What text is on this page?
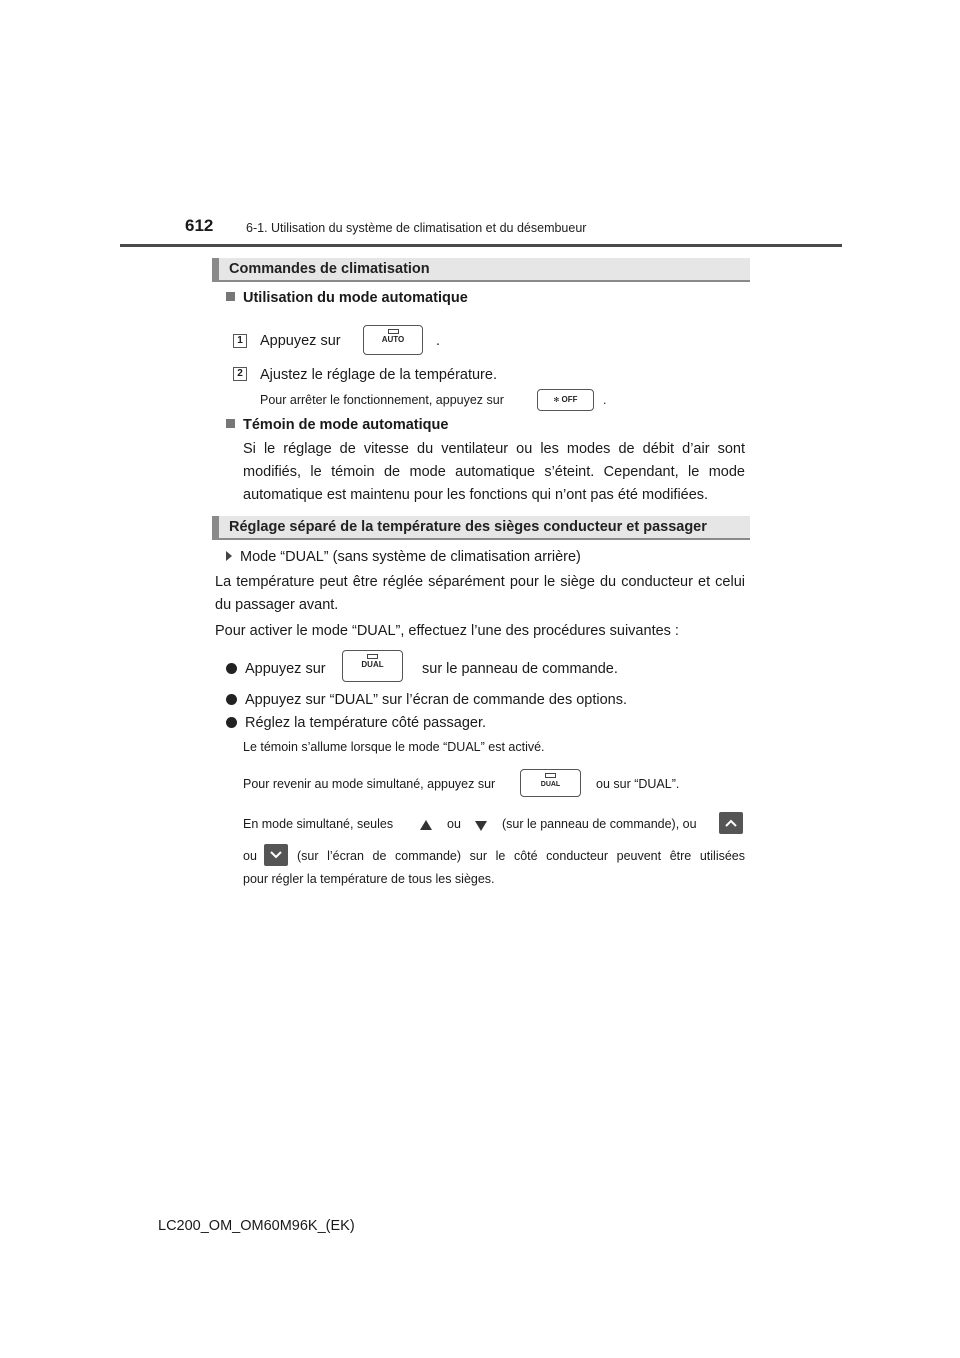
612	6-1. Utilisation du système de climatisation et du désembueur
Commandes de climatisation
Utilisation du mode automatique
1 Appuyez sur	AUTO	.
2 Ajustez le réglage de la température.
Pour arrêter le fonctionnement, appuyez sur	✻ OFF	.
Témoin de mode automatique
Si le réglage de vitesse du ventilateur ou les modes de débit d’air sont modifiés, le témoin de mode automatique s’éteint. Cependant, le mode automatique est maintenu pour les fonctions qui n’ont pas été modifiées.
Réglage séparé de la température des sièges conducteur et passager
Mode “DUAL” (sans système de climatisation arrière)
La température peut être réglée séparément pour le siège du conducteur et celui du passager avant.
Pour activer le mode “DUAL”, effectuez l’une des procédures suivantes :
Appuyez sur	DUAL	sur le panneau de commande.
Appuyez sur “DUAL” sur l’écran de commande des options.
Réglez la température côté passager.
Le témoin s’allume lorsque le mode “DUAL” est activé.
Pour revenir au mode simultané, appuyez sur	DUAL	ou sur “DUAL”.
En mode simultané, seules	ou	(sur le panneau de commande), ou
ou	(sur l’écran de commande) sur le côté conducteur peuvent être utilisées
pour régler la température de tous les sièges.
LC200_OM_OM60M96K_(EK)
